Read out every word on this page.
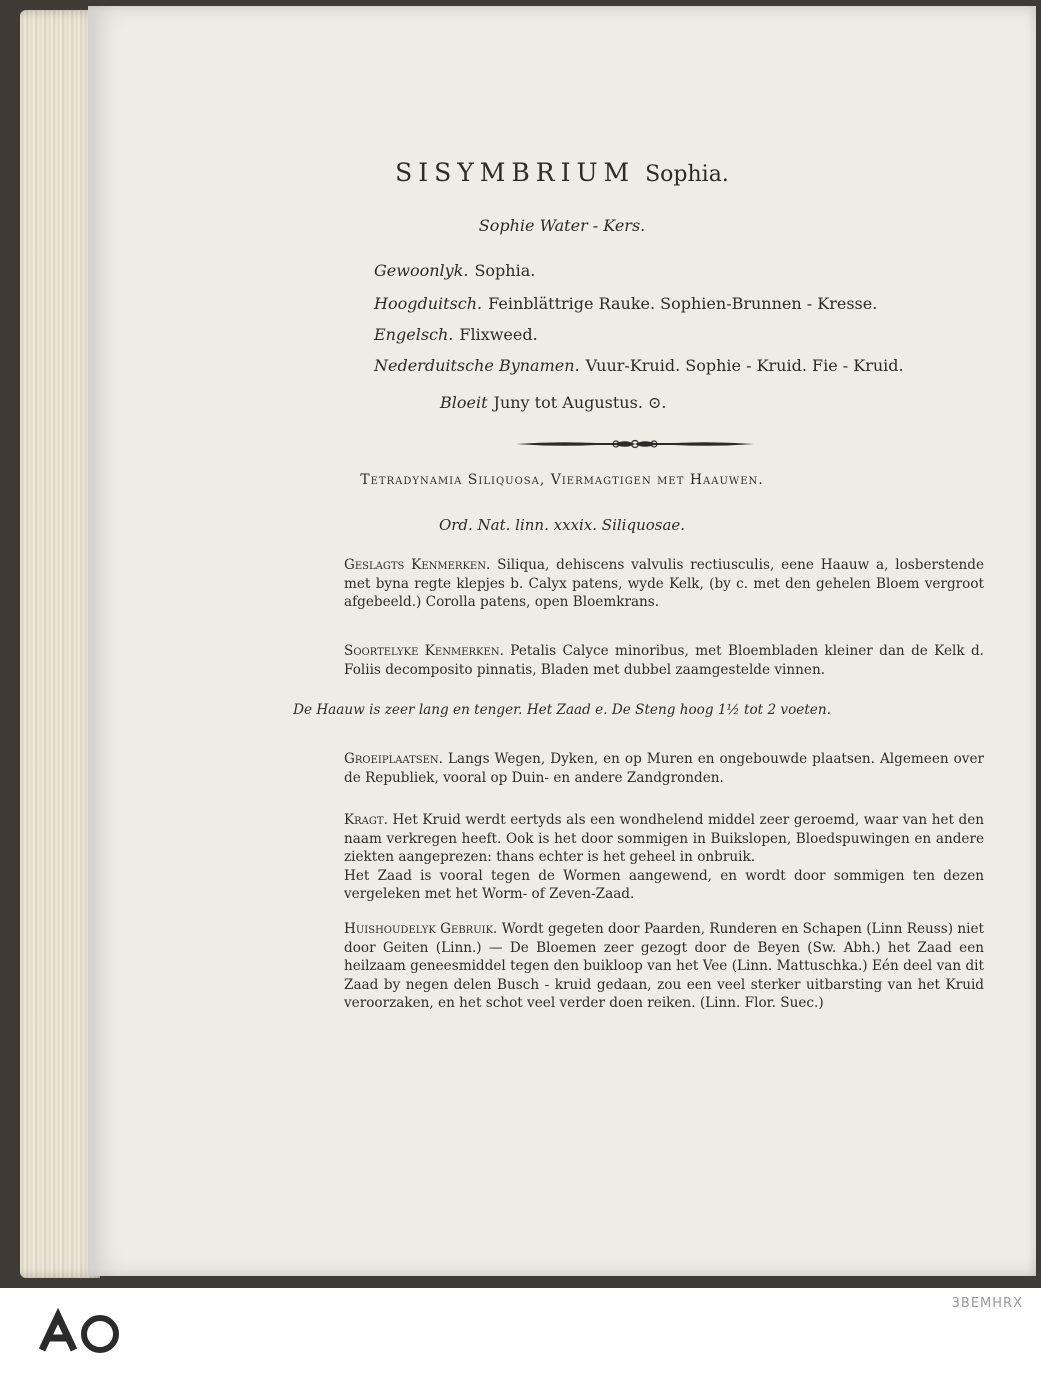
SISYMBRIUM Sophia.
Sophie Water - Kers.
Gewoonlyk. Sophia.
Hoogduitsch. Feinblättrige Rauke. Sophien-Brunnen - Kresse.
Engelsch. Flixweed.
Nederduitsche Bynamen. Vuur-Kruid. Sophie - Kruid. Fie - Kruid.
Bloeit Juny tot Augustus. ⊙.
Tetradynamia Siliquosa, Viermagtigen met Haauwen.
Ord. Nat. linn. xxxix. Siliquosae.
Geslagts Kenmerken. Siliqua, dehiscens valvulis rectiusculis, eene Haauw a, losberstende met byna regte klepjes b. Calyx patens, wyde Kelk, (by c. met den gehelen Bloem vergroot afgebeeld.) Corolla patens, open Bloemkrans.
Soortelyke Kenmerken. Petalis Calyce minoribus, met Bloembladen kleiner dan de Kelk d. Foliis decomposito pinnatis, Bladen met dubbel zaamgestelde vinnen.
De Haauw is zeer lang en tenger. Het Zaad e. De Steng hoog 1½ tot 2 voeten.
Groeiplaatsen. Langs Wegen, Dyken, en op Muren en ongebouwde plaatsen. Algemeen over de Republiek, vooral op Duin- en andere Zandgronden.

Kragt. Het Kruid werdt eertyds als een wondhelend middel zeer geroemd, waar van het den naam verkregen heeft. Ook is het door sommigen in Buikslopen, Bloedspuwingen en andere ziekten aangeprezen: thans echter is het geheel in onbruik.

Het Zaad is vooral tegen de Wormen aangewend, en wordt door sommigen ten dezen vergeleken met het Worm- of Zeven-Zaad.

Huishoudelyk Gebruik. Wordt gegeten door Paarden, Runderen en Schapen (Linn Reuss) niet door Geiten (Linn.) — De Bloemen zeer gezogt door de Beyen (Sw. Abh.) het Zaad een heilzaam geneesmiddel tegen den buikloop van het Vee (Linn. Mattuschka.) Eén deel van dit Zaad by negen delen Busch - kruid gedaan, zou een veel sterker uitbarsting van het Kruid veroorzaken, en het schot veel verder doen reiken. (Linn. Flor. Suec.)
3BEMHRX
